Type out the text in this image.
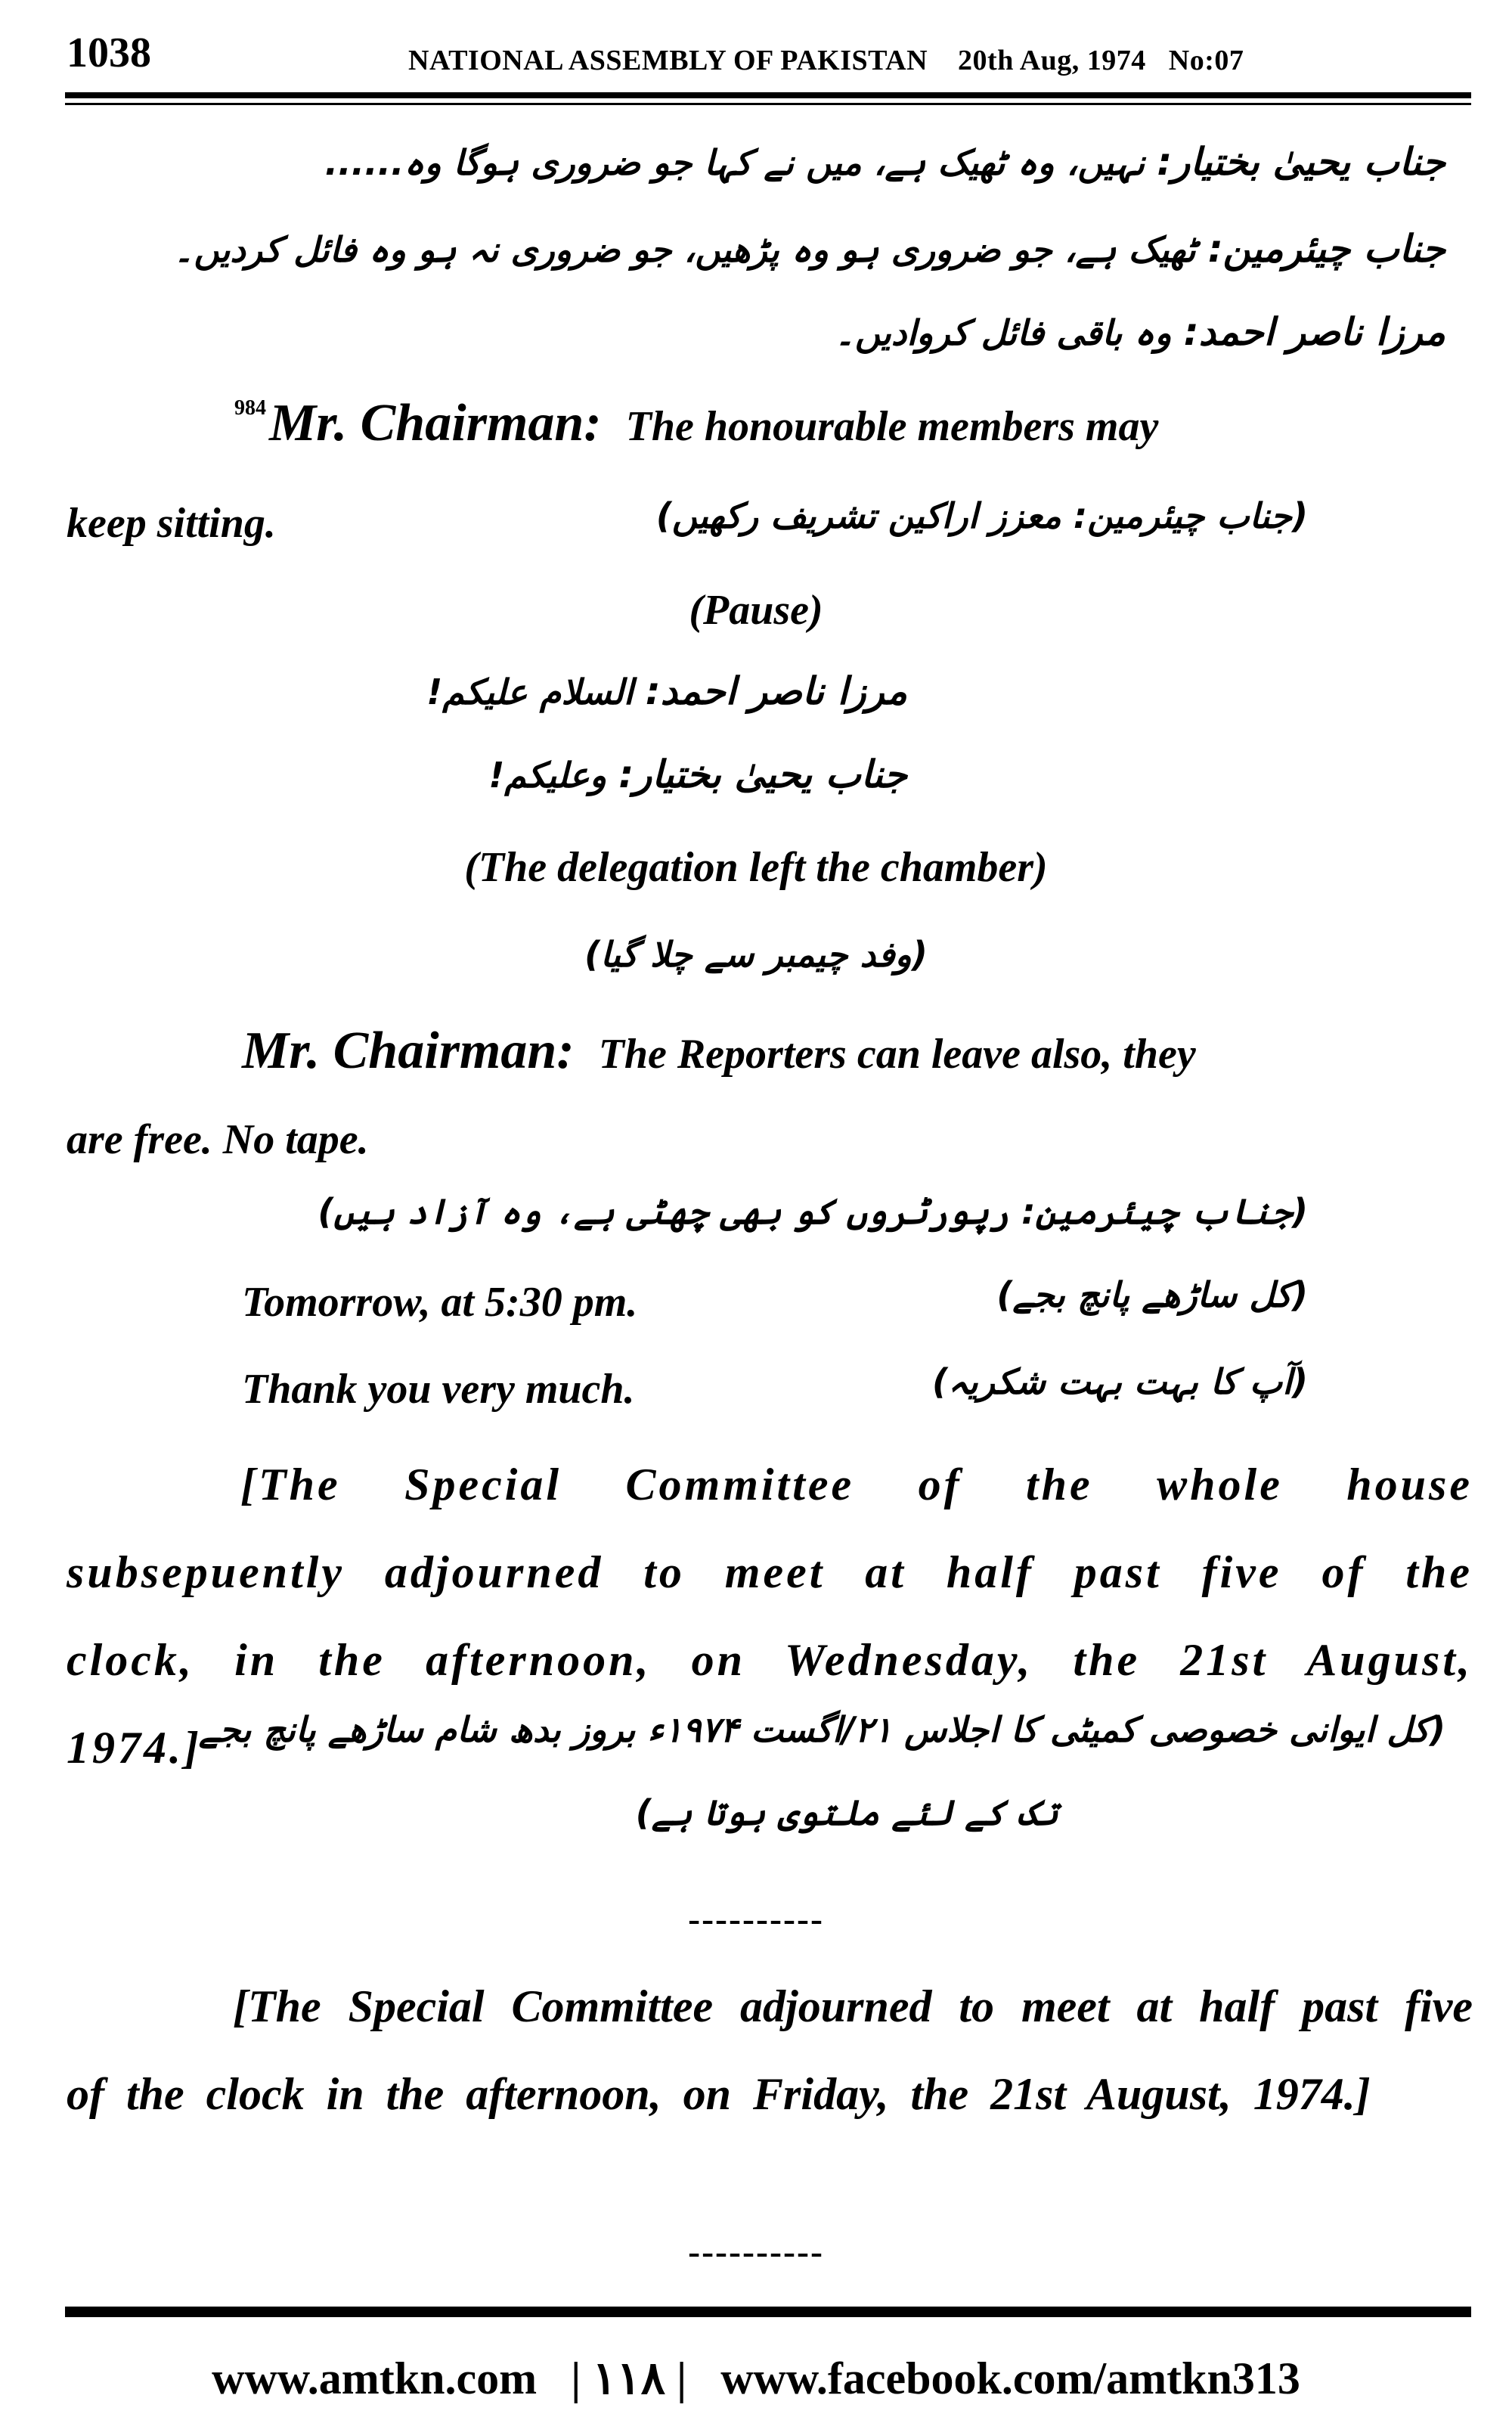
1038	NATIONAL ASSEMBLY OF PAKISTAN    20th Aug, 1974   No:07
جناب یحییٰ بختیار: نہیں، وہ ٹھیک ہے، میں نے کہا جو ضروری ہوگا وہ......
جناب چیئرمین: ٹھیک ہے، جو ضروری ہو وہ پڑھیں، جو ضروری نہ ہو وہ فائل کردیں۔
مرزا ناصر احمد: وہ باقی فائل کروادیں۔
$^{984}$Mr. Chairman: The honourable members may
keep sitting.	(جناب چیئرمین: معزز اراکین تشریف رکھیں)
(Pause)
مرزا ناصر احمد: السلام علیکم!
جناب یحییٰ بختیار: وعلیکم!
(The delegation left the chamber)
(وفد چیمبر سے چلا گیا)
Mr. Chairman: The Reporters can leave also, they
are free. No tape.
(جناب چیئرمین: رپورٹروں کو بھی چھٹی ہے، وہ آزاد ہیں)
Tomorrow, at 5:30 pm.	(کل ساڑھے پانچ بجے)
Thank you very much.	(آپ کا بہت بہت شکریہ)
[The Special Committee of the whole house subsepuently adjourned to meet at half past five of the clock, in the afternoon, on Wednesday, the 21st August, 1974.]
(کل ایوانی خصوصی کمیٹی کا اجلاس ۲۱/اگست ۱۹۷۴ء بروز بدھ شام ساڑھے پانچ بجے
تک کے لئے ملتوی ہوتا ہے)
----------
[The Special Committee adjourned to meet at half past five of the clock in the afternoon, on Friday, the 21st August, 1974.]
----------
www.amtkn.com   | ۱۱۸ |   www.facebook.com/amtkn313
